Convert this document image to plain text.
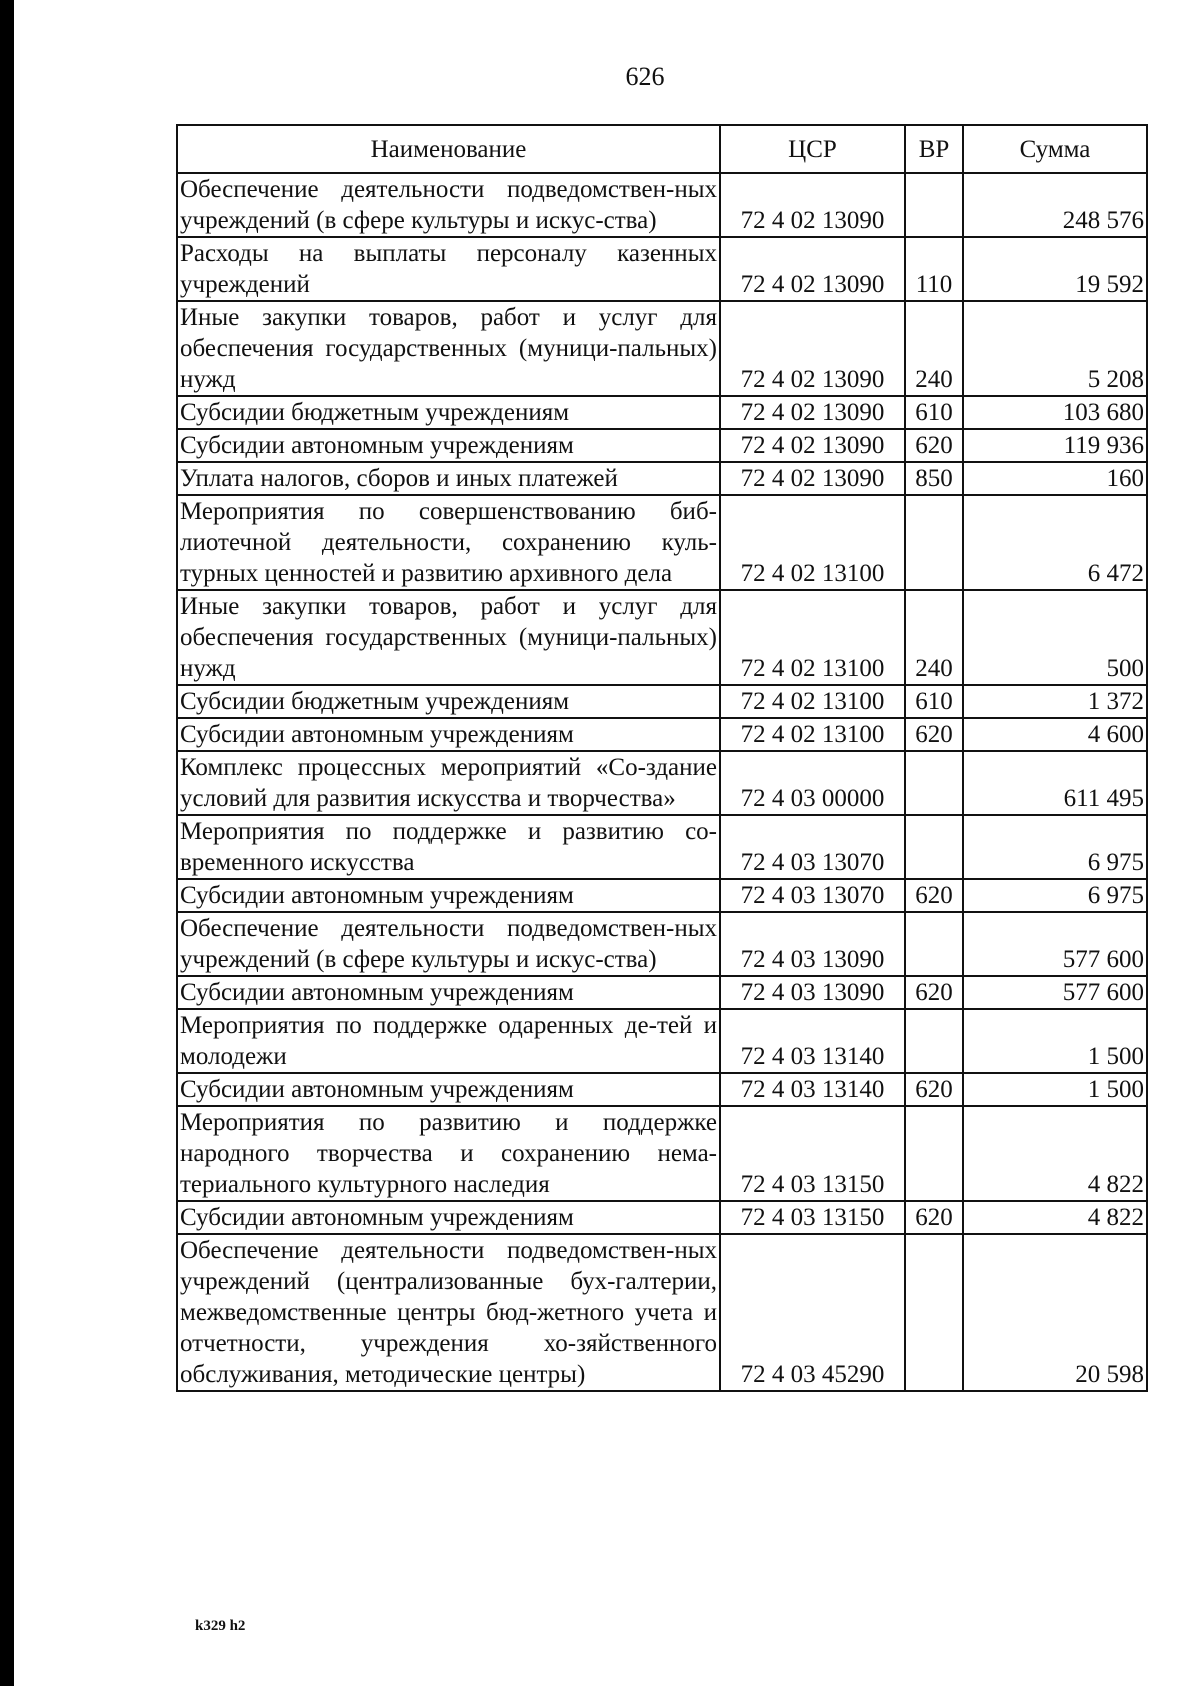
626
Наименование	ЦСР	ВР	Сумма
Обеспечение деятельности подведомствен-ных учреждений (в сфере культуры и искус-ства)	72 4 02 13090		248 576
Расходы на выплаты персоналу казенных учреждений	72 4 02 13090	110	19 592
Иные закупки товаров, работ и услуг для обеспечения государственных (муници-пальных) нужд	72 4 02 13090	240	5 208
Субсидии бюджетным учреждениям	72 4 02 13090	610	103 680
Субсидии автономным учреждениям	72 4 02 13090	620	119 936
Уплата налогов, сборов и иных платежей	72 4 02 13090	850	160
Мероприятия по совершенствованию биб-лиотечной деятельности, сохранению куль-турных ценностей и развитию архивного дела	72 4 02 13100		6 472
Иные закупки товаров, работ и услуг для обеспечения государственных (муници-пальных) нужд	72 4 02 13100	240	500
Субсидии бюджетным учреждениям	72 4 02 13100	610	1 372
Субсидии автономным учреждениям	72 4 02 13100	620	4 600
Комплекс процессных мероприятий «Со-здание условий для развития искусства и творчества»	72 4 03 00000		611 495
Мероприятия по поддержке и развитию со-временного искусства	72 4 03 13070		6 975
Субсидии автономным учреждениям	72 4 03 13070	620	6 975
Обеспечение деятельности подведомствен-ных учреждений (в сфере культуры и искус-ства)	72 4 03 13090		577 600
Субсидии автономным учреждениям	72 4 03 13090	620	577 600
Мероприятия по поддержке одаренных де-тей и молодежи	72 4 03 13140		1 500
Субсидии автономным учреждениям	72 4 03 13140	620	1 500
Мероприятия по развитию и поддержке народного творчества и сохранению нема-териального культурного наследия	72 4 03 13150		4 822
Субсидии автономным учреждениям	72 4 03 13150	620	4 822
Обеспечение деятельности подведомствен-ных учреждений (централизованные бух-галтерии, межведомственные центры бюд-жетного учета и отчетности, учреждения хо-зяйственного обслуживания, методические центры)	72 4 03 45290		20 598
k329 h2
